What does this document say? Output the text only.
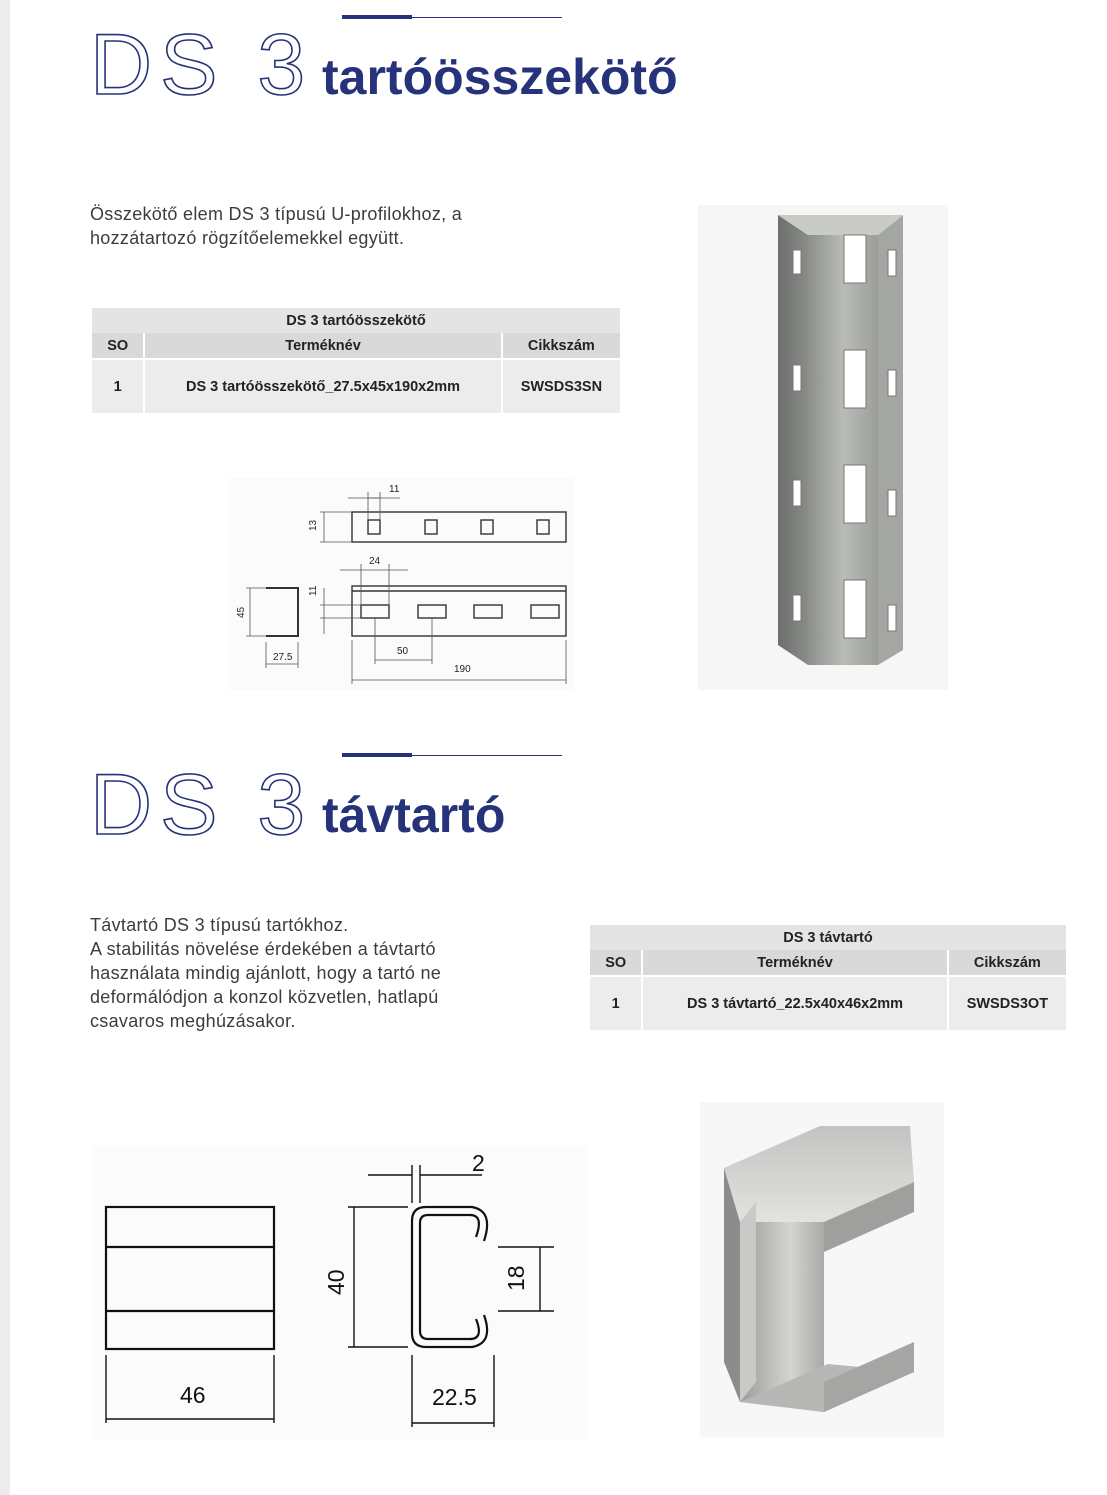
DS 3 tartóösszekötő
Összekötő elem DS 3 típusú U-profilokhoz, a
hozzátartozó rögzítőelemekkel együtt.
DS 3 tartóösszekötő		
SO	Terméknév	Cikkszám
1	DS 3 tartóösszekötő_27.5x45x190x2mm	SWSDS3SN
11
13
24
11
45
27.5
50
190
DS 3 távtartó
Távtartó DS 3 típusú tartókhoz.
A stabilitás növelése érdekében a távtartó
használata mindig ajánlott, hogy a tartó ne
deformálódjon a konzol közvetlen, hatlapú
csavaros meghúzásakor.
DS 3 távtartó		
SO	Terméknév	Cikkszám
1	DS 3 távtartó_22.5x40x46x2mm	SWSDS3OT
2
40	18
46	22.5
